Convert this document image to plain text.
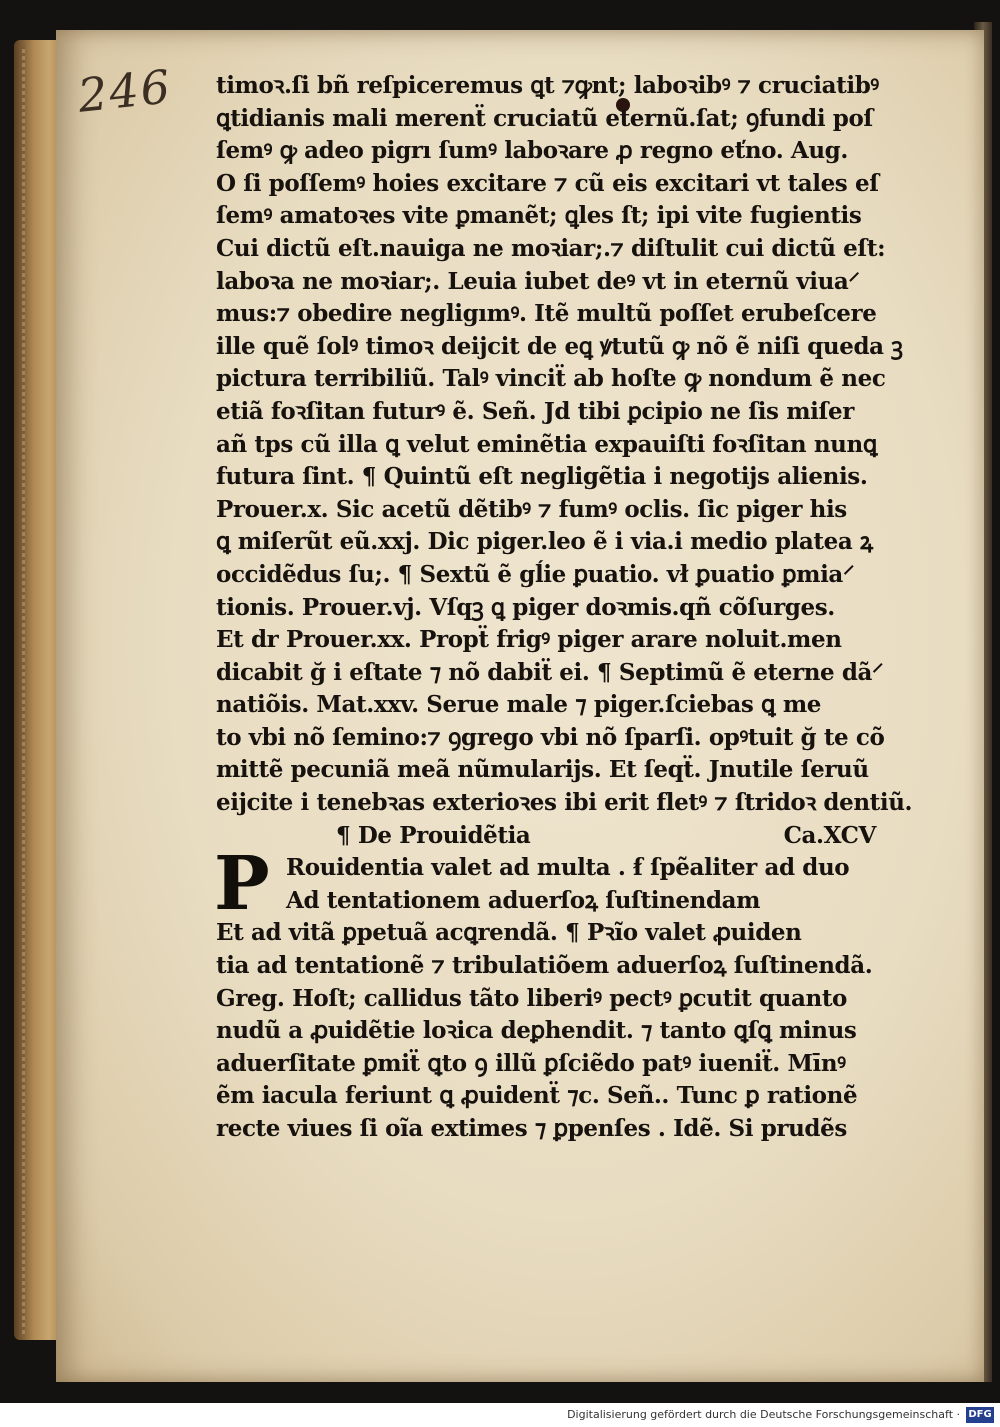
246 timoꝛ.ſi bñ reſpiceremus ꝗt ⁊ꝙnt; laboꝛibꝰ ⁊ cruciatibꝰ
ꝗtidianis mali merenẗ cruciatũ eternũ.ſat; ꝯfundi poſ
ſemꝰ ꝙ adeo pigrı ſumꝰ laboꝛare ꝓ regno eťno. Aug.
O ſi poſſemꝰ hoies excitare ⁊ cũ eis excitari vt tales eſ
ſemꝰ amatoꝛes vite ꝑmanẽt; ꝗles ſt; ipi vite fugientis
Cui dictũ eſt.nauiga ne moꝛiar;.⁊ diſtulit cui dictũ eſt:
laboꝛa ne moꝛiar;. Leuia iubet deꝰ vt in eternũ viua⸍
mus:⁊ obedire negligımꝰ. Itẽ multũ poſſet erubeſcere
ille quẽ ſolꝰ timoꝛ deijcit de eꝗ ꝟtutũ ꝙ nõ ẽ niſi queda ꝫ
pictura terribiliũ. Talꝰ vinciẗ ab hoſte ꝙ nondum ẽ nec
etiã foꝛſitan futurꝰ ẽ. Señ. Jd tibi ꝑcipio ne ſis miſer
añ tps cũ illa ꝗ velut eminẽtia expauiſti foꝛſitan nunꝗ
futura ſint. ¶ Quintũ eſt negligẽtia i negotijs alienis.
Prouer.x. Sic acetũ dẽtibꝰ ⁊ fumꝰ oclis. ſic piger his
ꝗ miſerũt eũ.xxj. Dic piger.leo ẽ i via.i medio platea ꝝ
occidẽdus ſu;. ¶ Sextũ ẽ gĺie ꝑuatio. vł ꝑuatio ꝑmia⸍
tionis. Prouer.vj. Vſqꝫ ꝗ piger doꝛmis.qñ cõſurges.
Et dr Prouer.xx. Propẗ frigꝰ piger arare noluit.men
dicabit ğ i eſtate ⁊ nõ dabiẗ ei. ¶ Septimũ ẽ eterne dã⸍
natiõis. Mat.xxv. Serue male ⁊ piger.ſciebas ꝗ me
to vbi nõ ſemino:⁊ ꝯgrego vbi nõ ſparſi. opꝰtuit ğ te cõ
mittẽ pecuniã meã nũmularijs. Et ſeqẗ. Jnutile ſeruũ
eijcite i tenebꝛas exterioꝛes ibi erit fletꝰ ⁊ ſtridoꝛ dentiũ.
¶ De Prouidẽtia	Ca.XCV
P Rouidentia valet ad multa . ẜ ſpẽaliter ad duo
Ad tentationem aduerſoꝝ ſuſtinendam
Et ad vitã ꝑpetuã acꝗrendã. ¶ Pꝛĩo valet ꝓuiden
tia ad tentationẽ ⁊ tribulatiõem aduerſoꝝ ſuſtinendã.
Greg. Hoſt; callidus tãto liberiꝰ pectꝰ ꝑcutit quanto
nudũ a ꝓuidẽtie loꝛica deꝑhendit. ⁊ tanto ꝗſꝗ minus
aduerſitate ꝑmiẗ ꝗto ꝯ illũ ꝑſciẽdo patꝰ iueniẗ. Mīnꝰ
ẽm iacula feriunt ꝗ ꝓuidenẗ ⁊c. Señ.. Tunc ꝑ rationẽ
recte viues ſi oĩa extimes ⁊ ꝑpenſes . Idẽ. Si prudẽs
Digitalisierung gefördert durch die Deutsche Forschungsgemeinschaft · DFG
